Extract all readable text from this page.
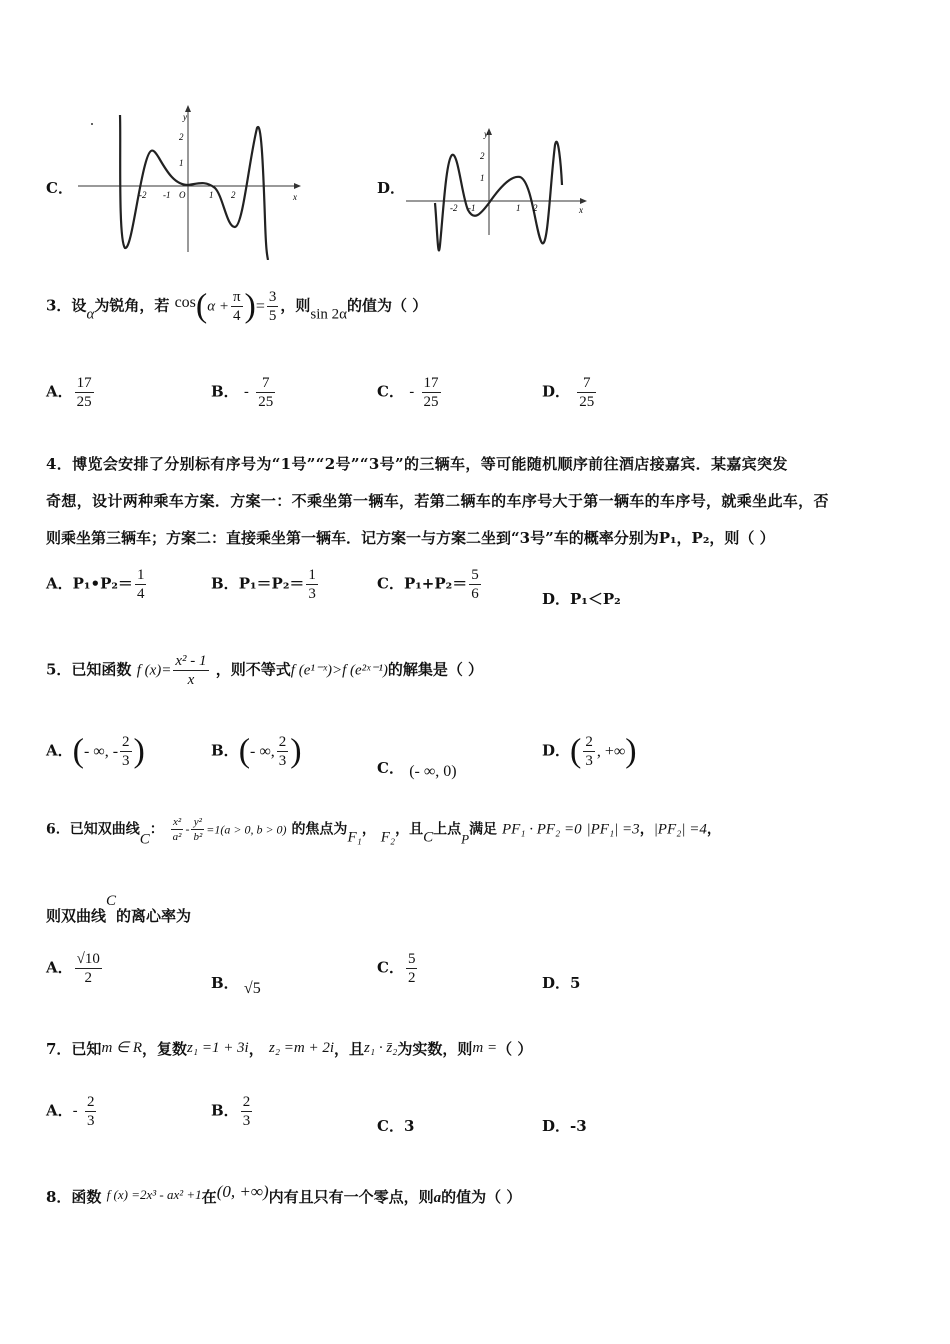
C．
y
2
1
-2 -1 O	1 2	x	D．
y
2
1
-2 -1	1 2	x
3．设α为锐角，若 $\cos(\alpha + \frac{\pi}{4}$ )= $\frac{3}{5}$ ，则sin 2α的值为（ ）
A． $\frac{17}{25}$	B． - $\frac{7}{25}$	C． - $\frac{17}{25}$	D． $\frac{7}{25}$
4．博览会安排了分别标有序号为“1号”“2号”“3号”的三辆车，等可能随机顺序前往酒店接嘉宾．某嘉宾突发
奇想，设计两种乘车方案．方案一：不乘坐第一辆车，若第二辆车的车序号大于第一辆车的车序号，就乘坐此车，否
则乘坐第三辆车；方案二：直接乘坐第一辆车．记方案一与方案二坐到“3号”车的概率分别为P₁，P₂，则（ ）
A．P₁•P₂＝ $\frac{1}{4}$	B．$P_1=P_2= \frac{1}{3}$	C．$P_1+P_2= \frac{5}{6}$	D．P₁＜P₂
5．已知函数 f $(x)= \frac{\text{x² - 1}}{x}$ ，则不等式f (e¹⁻ˣ)>f (e²ˣ⁻¹)的解集是（ ）
A．(- ∞, - $\frac{2}{3}$ )	B．(- ∞, $\frac{2}{3}$ )	C． (- ∞, 0)
D．( $\frac{2}{3}$ , +∞)
6．已知双曲线C： $\frac{\text{x²}}{\text{a²}} - \frac{\text{y²}}{\text{b²}} =1(a > 0$, b > 0) 的焦点为F₁， F₂，且C上点P满足 PF₁ · PF₂ =0 |PF₁| =3，|PF₂| =4，
则双曲线C的离心率为
A． $\frac{√10}{2}$	B． √5
C． $\frac{5}{2}$	D．5
7．已知m ∈ R，复数z₁ =1 + 3i， z₂ =m + 2i，且z₁ · z̄₂为实数，则m =（ ）
A．- $\frac{2}{3}$	B． $\frac{2}{3}$	C．3	D．-3
8．函数 f (x) =2x³ - ax² +1在(0, +∞)内有且只有一个零点，则a的值为（ ）
